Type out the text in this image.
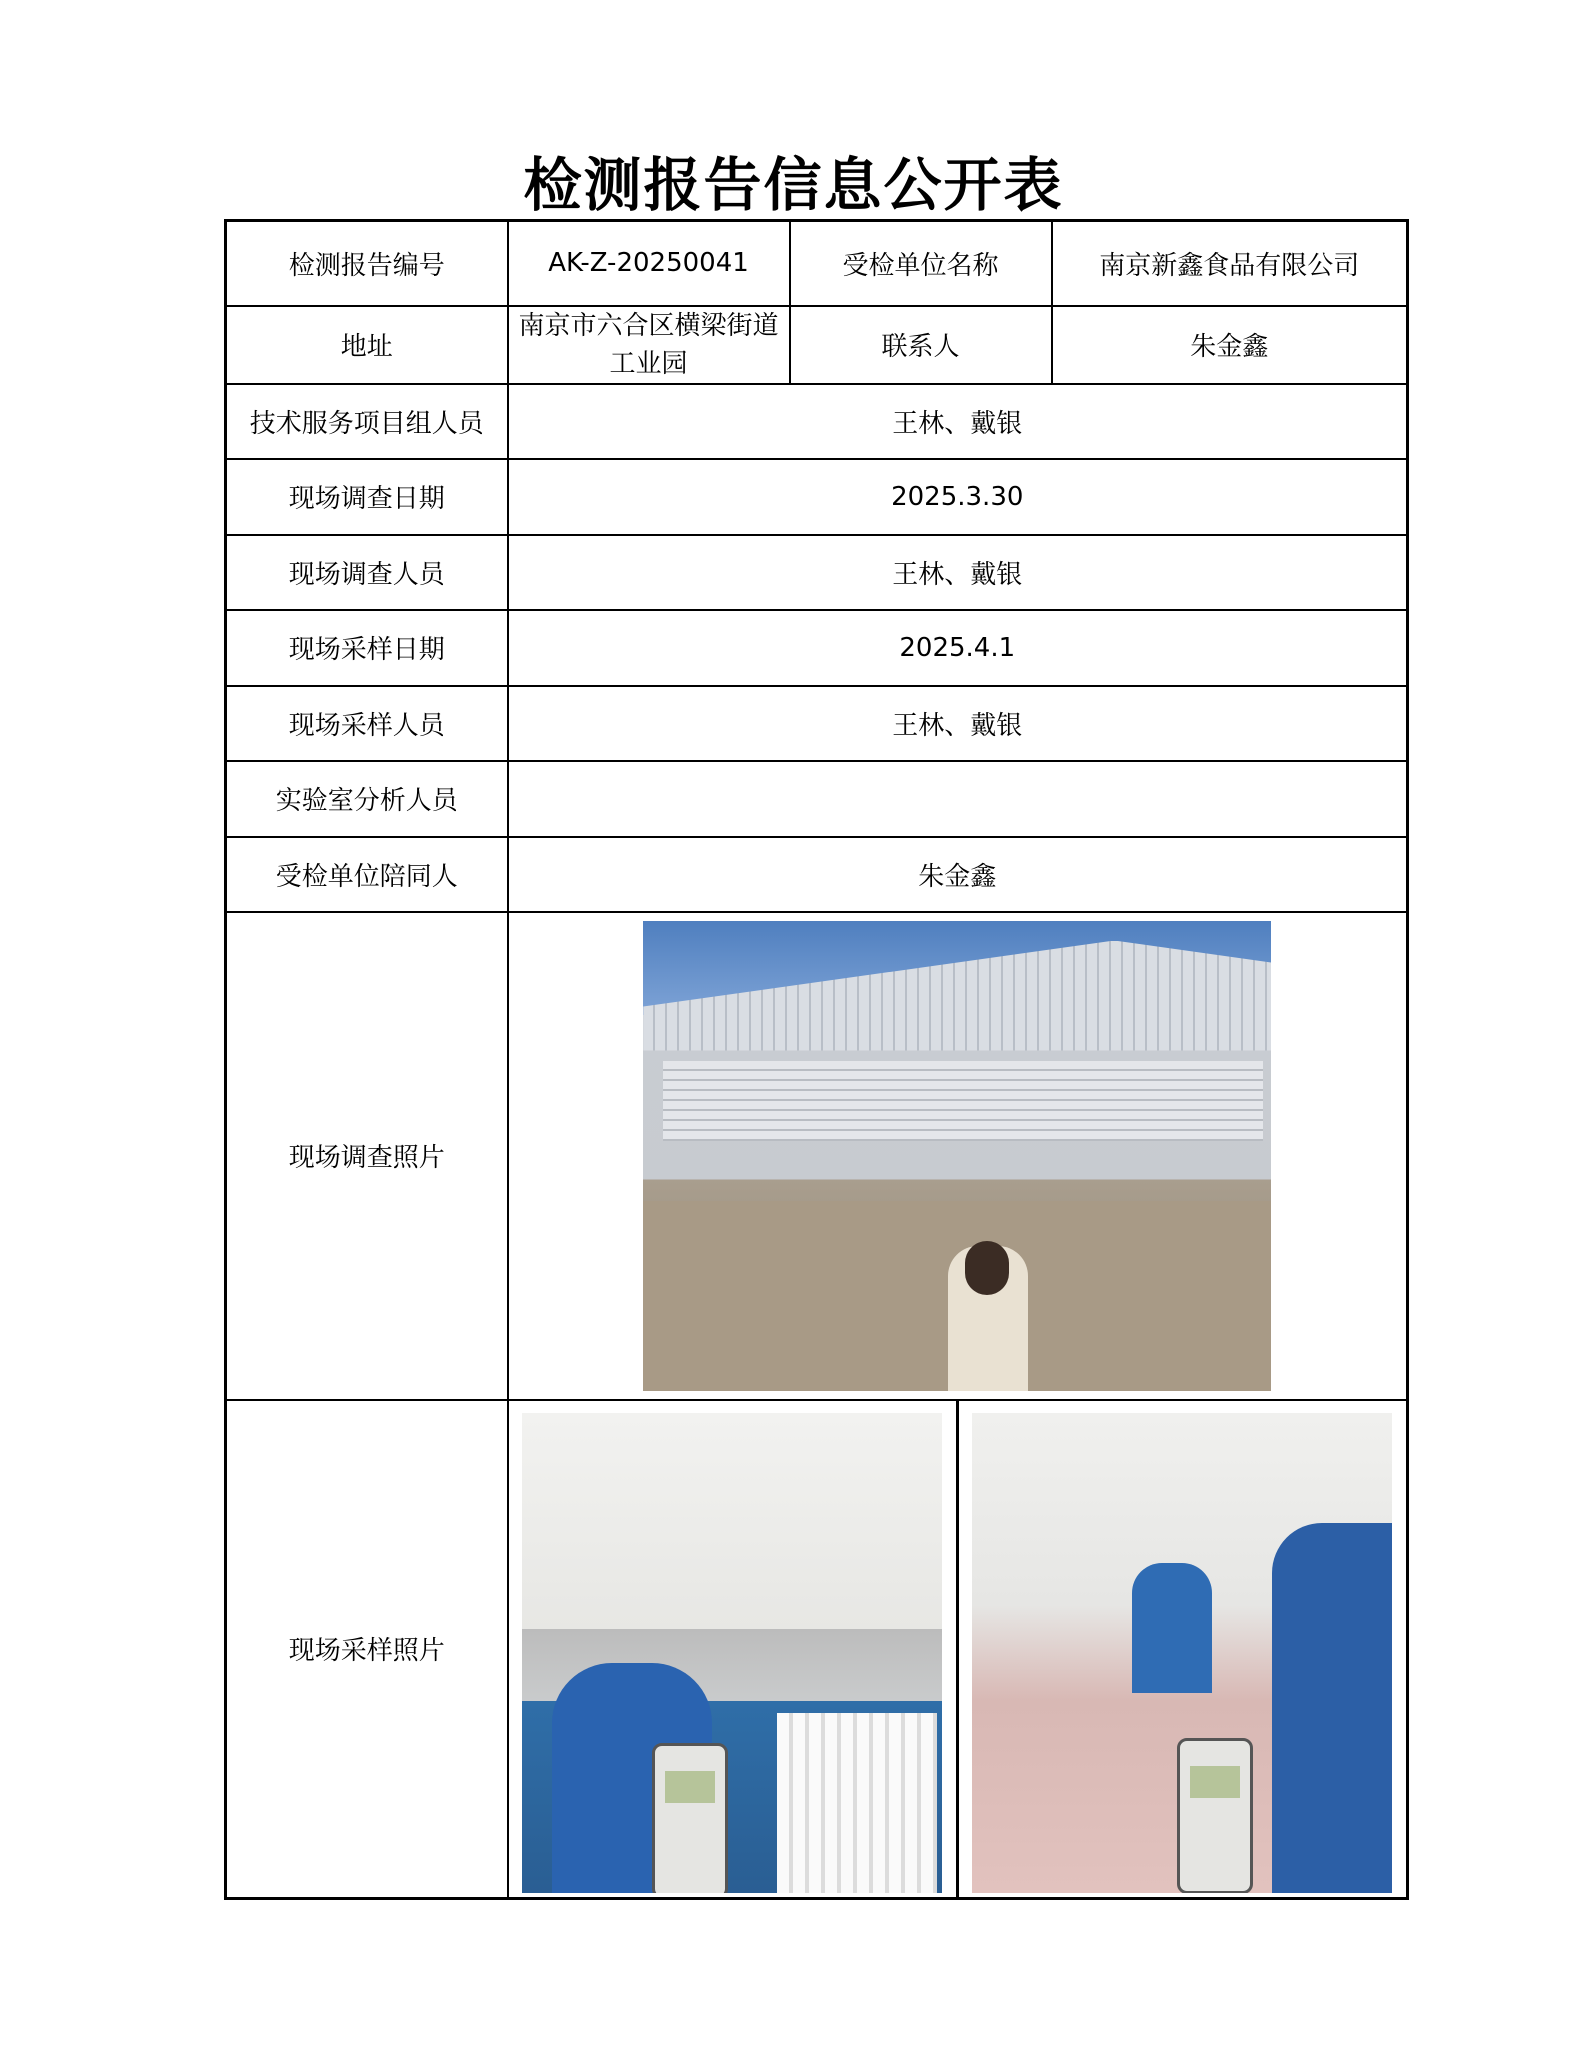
检测报告信息公开表
检测报告编号	AK-Z-20250041	受检单位名称	南京新鑫食品有限公司
地址	南京市六合区横梁街道工业园	联系人	朱金鑫
技术服务项目组人员	王林、戴银		
现场调查日期	2025.3.30		
现场调查人员	王林、戴银		
现场采样日期	2025.4.1		
现场采样人员	王林、戴银		
实验室分析人员			
受检单位陪同人	朱金鑫		
现场调查照片			

现场采样照片			
